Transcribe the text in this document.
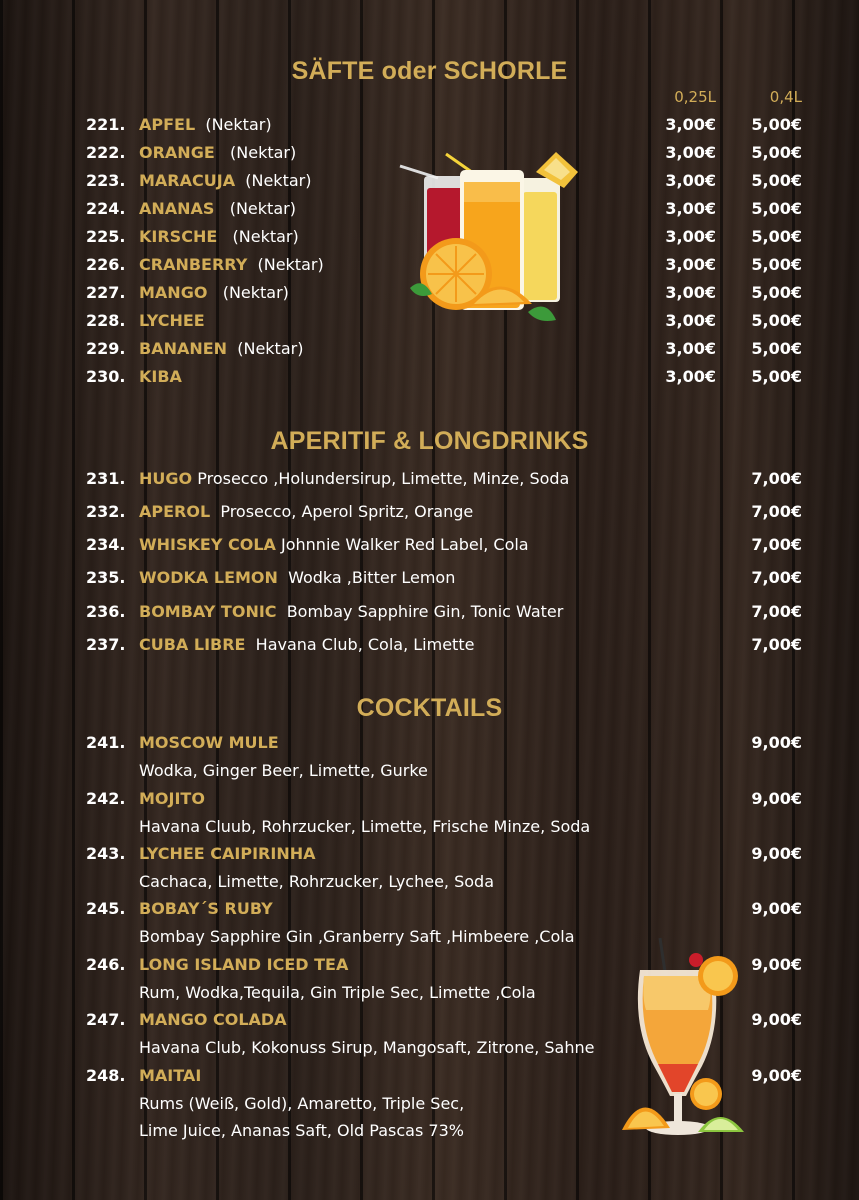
SÄFTE oder SCHORLE
0,25L	0,4L
221. APFEL (Nektar)	3,00€	5,00€
222. ORANGE (Nektar)	3,00€	5,00€
223. MARACUJA (Nektar)	3,00€	5,00€
224. ANANAS (Nektar)	3,00€	5,00€
225. KIRSCHE (Nektar)	3,00€	5,00€
226. CRANBERRY (Nektar)	3,00€	5,00€
227. MANGO (Nektar)	3,00€	5,00€
228. LYCHEE	3,00€	5,00€
229. BANANEN (Nektar)	3,00€	5,00€
230. KIBA	3,00€	5,00€
APERITIF & LONGDRINKS
231. HUGO Prosecco ,Holundersirup, Limette, Minze, Soda	7,00€
232. APEROL Prosecco, Aperol Spritz, Orange	7,00€
234. WHISKEY COLA Johnnie Walker Red Label, Cola	7,00€
235. WODKA LEMON Wodka ,Bitter Lemon	7,00€
236. BOMBAY TONIC Bombay Sapphire Gin, Tonic Water	7,00€
237. CUBA LIBRE Havana Club, Cola, Limette	7,00€
COCKTAILS
241. MOSCOW MULE	9,00€
Wodka, Ginger Beer, Limette, Gurke
242. MOJITO	9,00€
Havana Cluub, Rohrzucker, Limette, Frische Minze, Soda
243. LYCHEE CAIPIRINHA	9,00€
Cachaca, Limette, Rohrzucker, Lychee, Soda
245. BOBAY´S RUBY	9,00€
Bombay Sapphire Gin ,Granberry Saft ,Himbeere ,Cola
246. LONG ISLAND ICED TEA	9,00€
Rum, Wodka,Tequila, Gin Triple Sec, Limette ,Cola
247. MANGO COLADA	9,00€
Havana Club, Kokonuss Sirup, Mangosaft, Zitrone, Sahne
248. MAITAI	9,00€
Rums (Weiß, Gold), Amaretto, Triple Sec,
Lime Juice, Ananas Saft, Old Pascas 73%
